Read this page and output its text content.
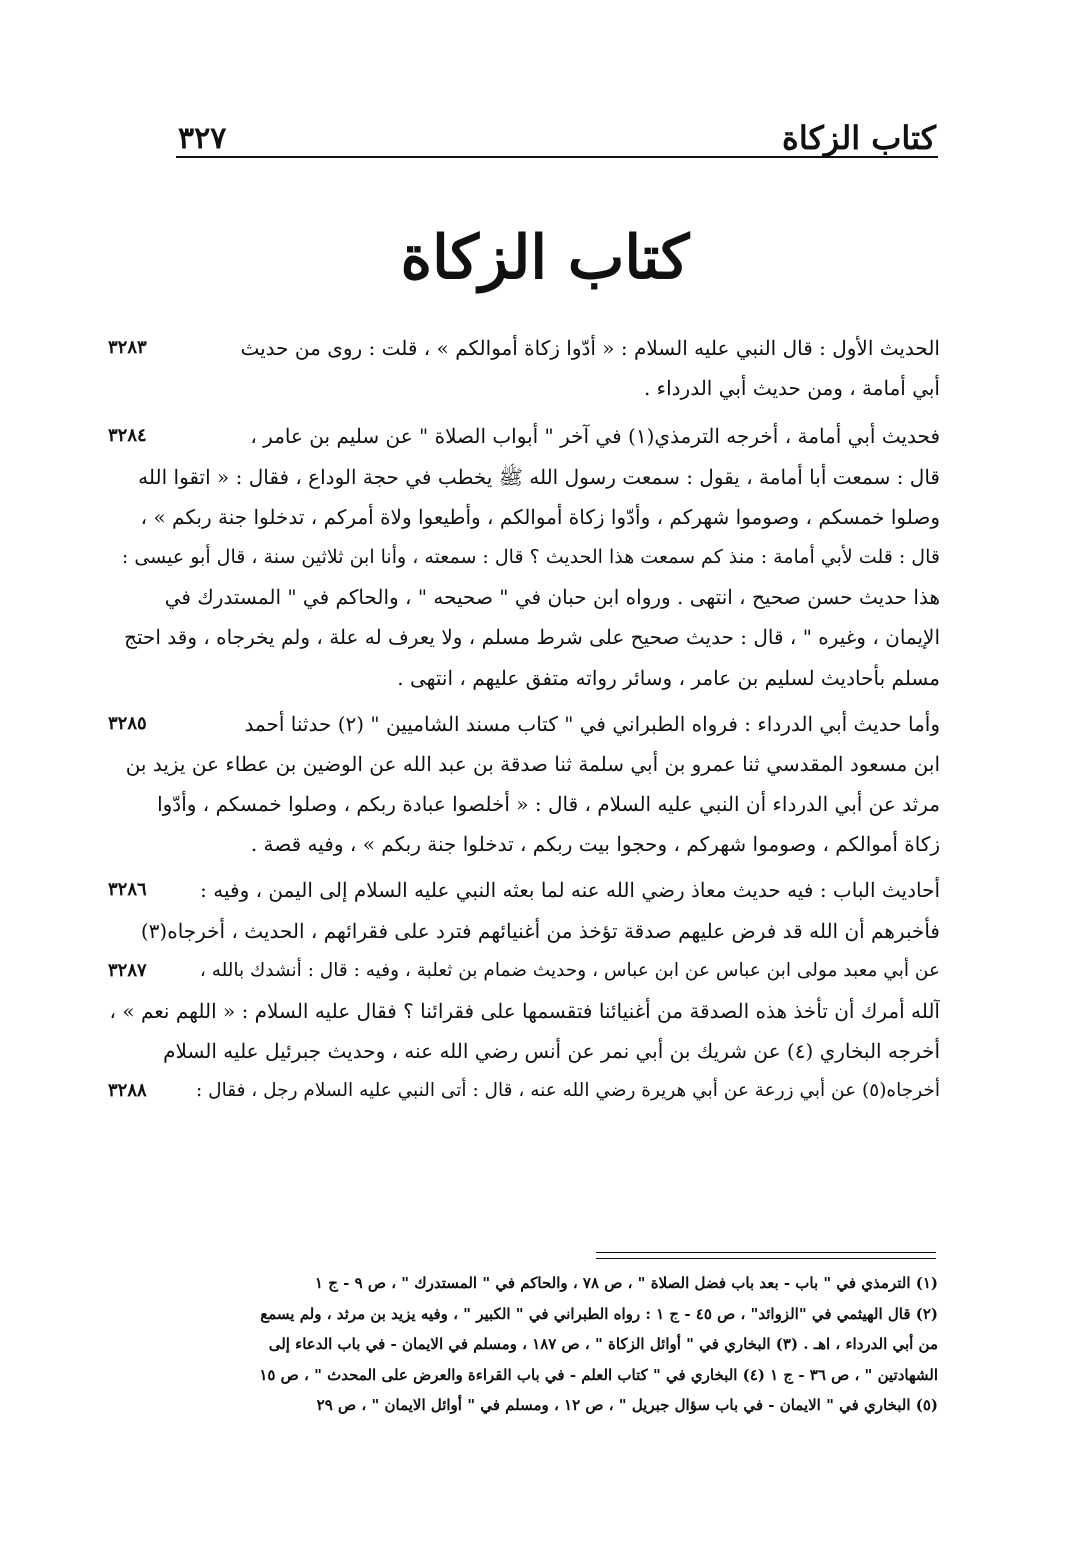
كتاب الزكاة
٣٢٧
كتاب الزكاة
الحديث الأول : قال النبي عليه السلام : « أدّوا زكاة أموالكم » ، قلت : روى من حديث
أبي أمامة ، ومن حديث أبي الدرداء .
٣٢٨٣
فحديث أبي أمامة ، أخرجه الترمذي(١) في آخر " أبواب الصلاة " عن سليم بن عامر ،
قال : سمعت أبا أمامة ، يقول : سمعت رسول الله ﷺ يخطب في حجة الوداع ، فقال : « اتقوا الله
وصلوا خمسكم ، وصوموا شهركم ، وأدّوا زكاة أموالكم ، وأطيعوا ولاة أمركم ، تدخلوا جنة ربكم » ،
قال : قلت لأبي أمامة : منذ كم سمعت هذا الحديث ؟ قال : سمعته ، وأنا ابن ثلاثين سنة ، قال أبو عيسى :
هذا حديث حسن صحيح ، انتهى . ورواه ابن حبان في " صحيحه " ، والحاكم في " المستدرك في
الإيمان ، وغيره " ، قال : حديث صحيح على شرط مسلم ، ولا يعرف له علة ، ولم يخرجاه ، وقد احتج
مسلم بأحاديث لسليم بن عامر ، وسائر رواته متفق عليهم ، انتهى .
٣٢٨٤
وأما حديث أبي الدرداء : فرواه الطبراني في " كتاب مسند الشاميين " (٢) حدثنا أحمد
ابن مسعود المقدسي ثنا عمرو بن أبي سلمة ثنا صدقة بن عبد الله عن الوضين بن عطاء عن يزيد بن
مرثد عن أبي الدرداء أن النبي عليه السلام ، قال : « أخلصوا عبادة ربكم ، وصلوا خمسكم ، وأدّوا
زكاة أموالكم ، وصوموا شهركم ، وحجوا بيت ربكم ، تدخلوا جنة ربكم » ، وفيه قصة .
٣٢٨٥
أحاديث الباب : فيه حديث معاذ رضي الله عنه لما بعثه النبي عليه السلام إلى اليمن ، وفيه :
فأخبرهم أن الله قد فرض عليهم صدقة تؤخذ من أغنيائهم فترد على فقرائهم ، الحديث ، أخرجاه(٣)
٣٢٨٦
عن أبي معبد مولى ابن عباس عن ابن عباس ، وحديث ضمام بن ثعلبة ، وفيه : قال : أنشدك بالله ،
آلله أمرك أن تأخذ هذه الصدقة من أغنيائنا فتقسمها على فقرائنا ؟ فقال عليه السلام : « اللهم نعم » ،
أخرجه البخاري (٤) عن شريك بن أبي نمر عن أنس رضي الله عنه ، وحديث جبرئيل عليه السلام
٣٢٨٧
أخرجاه(٥) عن أبي زرعة عن أبي هريرة رضي الله عنه ، قال : أتى النبي عليه السلام رجل ، فقال :
٣٢٨٨
(١) الترمذي في " باب - بعد باب فضل الصلاة " ، ص ٧٨ ، والحاكم في " المستدرك " ، ص ٩ - ج ١
(٢) قال الهيثمي في "الزوائد" ، ص ٤٥ - ج ١ : رواه الطبراني في " الكبير " ، وفيه يزيد بن مرثد ، ولم يسمع
من أبي الدرداء ، اهـ . (٣) البخاري في " أوائل الزكاة " ، ص ١٨٧ ، ومسلم في الايمان - في باب الدعاء إلى
الشهادتين " ، ص ٣٦ - ج ١ (٤) البخاري في " كتاب العلم - في باب القراءة والعرض على المحدث " ، ص ١٥
(٥) البخاري في " الايمان - في باب سؤال جبريل " ، ص ١٢ ، ومسلم في " أوائل الايمان " ، ص ٢٩
